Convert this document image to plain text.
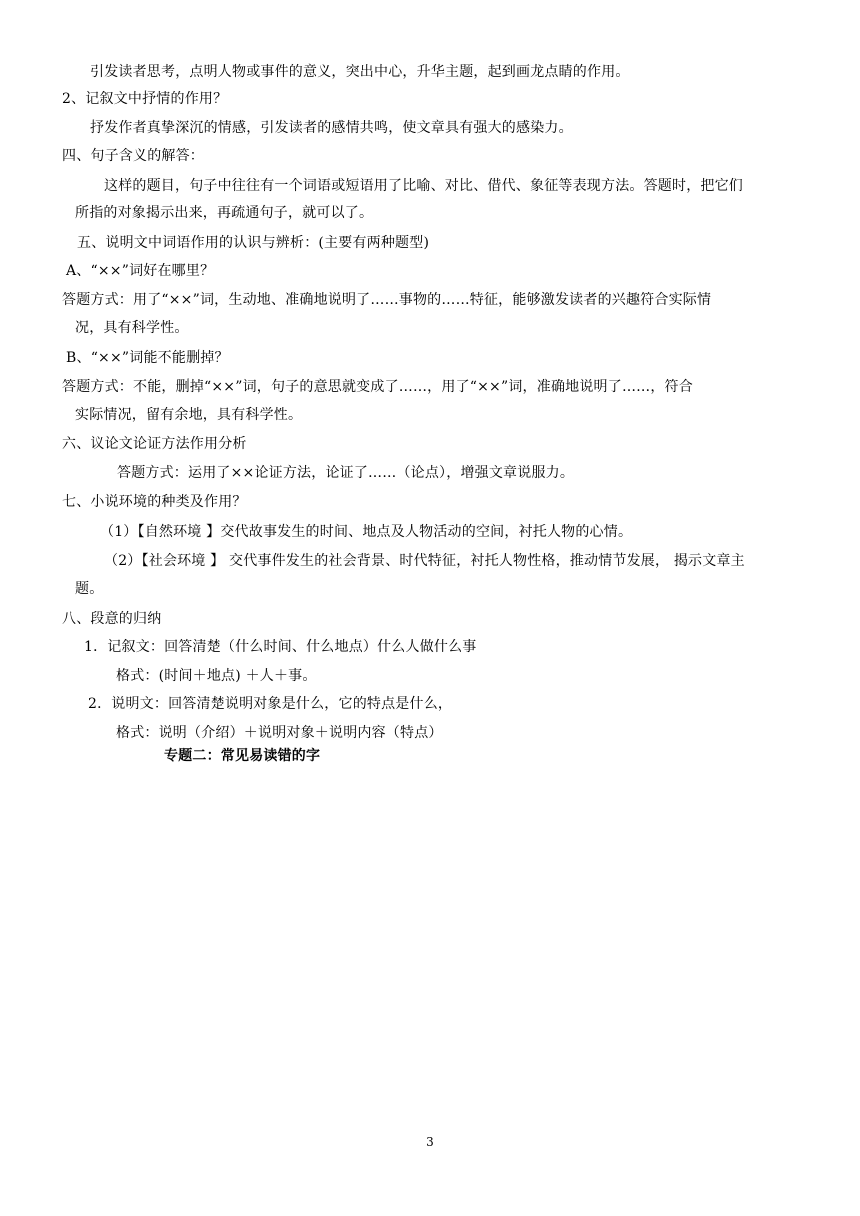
引发读者思考，点明人物或事件的意义，突出中心，升华主题，起到画龙点睛的作用。
2、记叙文中抒情的作用？
抒发作者真挚深沉的情感，引发读者的感情共鸣，使文章具有强大的感染力。
四、句子含义的解答：
这样的题目，句子中往往有一个词语或短语用了比喻、对比、借代、象征等表现方法。答题时，把它们
所指的对象揭示出来，再疏通句子，就可以了。
五、说明文中词语作用的认识与辨析：(主要有两种题型)
A、“××”词好在哪里？
答题方式：用了“××”词，生动地、准确地说明了……事物的……特征，能够激发读者的兴趣符合实际情
况，具有科学性。
B、“××”词能不能删掉？
答题方式：不能，删掉“××”词，句子的意思就变成了……，用了“××”词，准确地说明了……，符合
实际情况，留有余地，具有科学性。
六、议论文论证方法作用分析
答题方式：运用了××论证方法，论证了……（论点），增强文章说服力。
七、小说环境的种类及作用？
（1）【自然环境 】交代故事发生的时间、地点及人物活动的空间，衬托人物的心情。
（2）【社会环境 】 交代事件发生的社会背景、时代特征，衬托人物性格，推动情节发展， 揭示文章主
题。
八、段意的归纳
1．记叙文：回答清楚（什么时间、什么地点）什么人做什么事
格式：(时间＋地点) ＋人＋事。
2．说明文：回答清楚说明对象是什么，它的特点是什么，
格式：说明（介绍）＋说明对象＋说明内容（特点）
专题二：常见易读错的字
3
